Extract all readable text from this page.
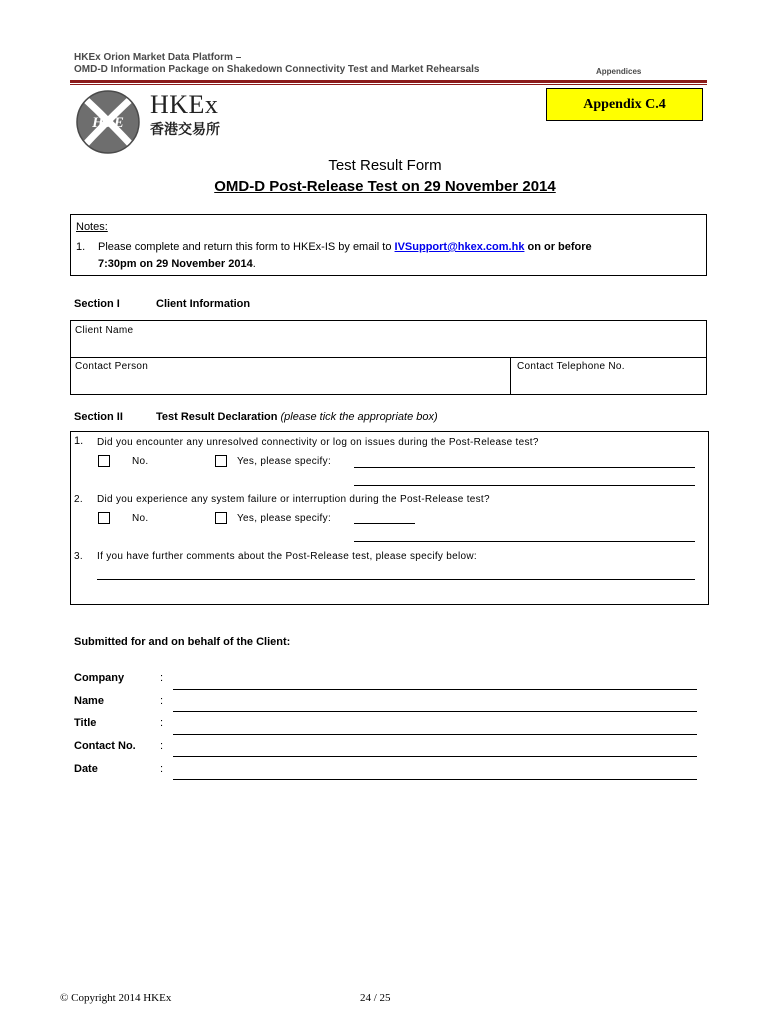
HKEx Orion Market Data Platform –
OMD-D Information Package on Shakedown Connectivity Test and Market Rehearsals	Appendices
HKE
HKEx
香港交易所
Appendix C.4
Test Result Form
OMD-D Post-Release Test on 29 November 2014
Notes:
1. Please complete and return this form to HKEx-IS by email to IVSupport@hkex.com.hk on or before
7:30pm on 29 November 2014.
Section I	Client Information
Client Name
Contact Person	Contact Telephone No.
Section II	Test Result Declaration (please tick the appropriate box)
1. Did you encounter any unresolved connectivity or log on issues during the Post-Release test?
No.	Yes, please specify:
2. Did you experience any system failure or interruption during the Post-Release test?
No.	Yes, please specify:
3. If you have further comments about the Post-Release test, please specify below:
Submitted for and on behalf of the Client:
Company	:
Name	:
Title	:
Contact No. :
Date	:
© Copyright 2014 HKEx	24 / 25
